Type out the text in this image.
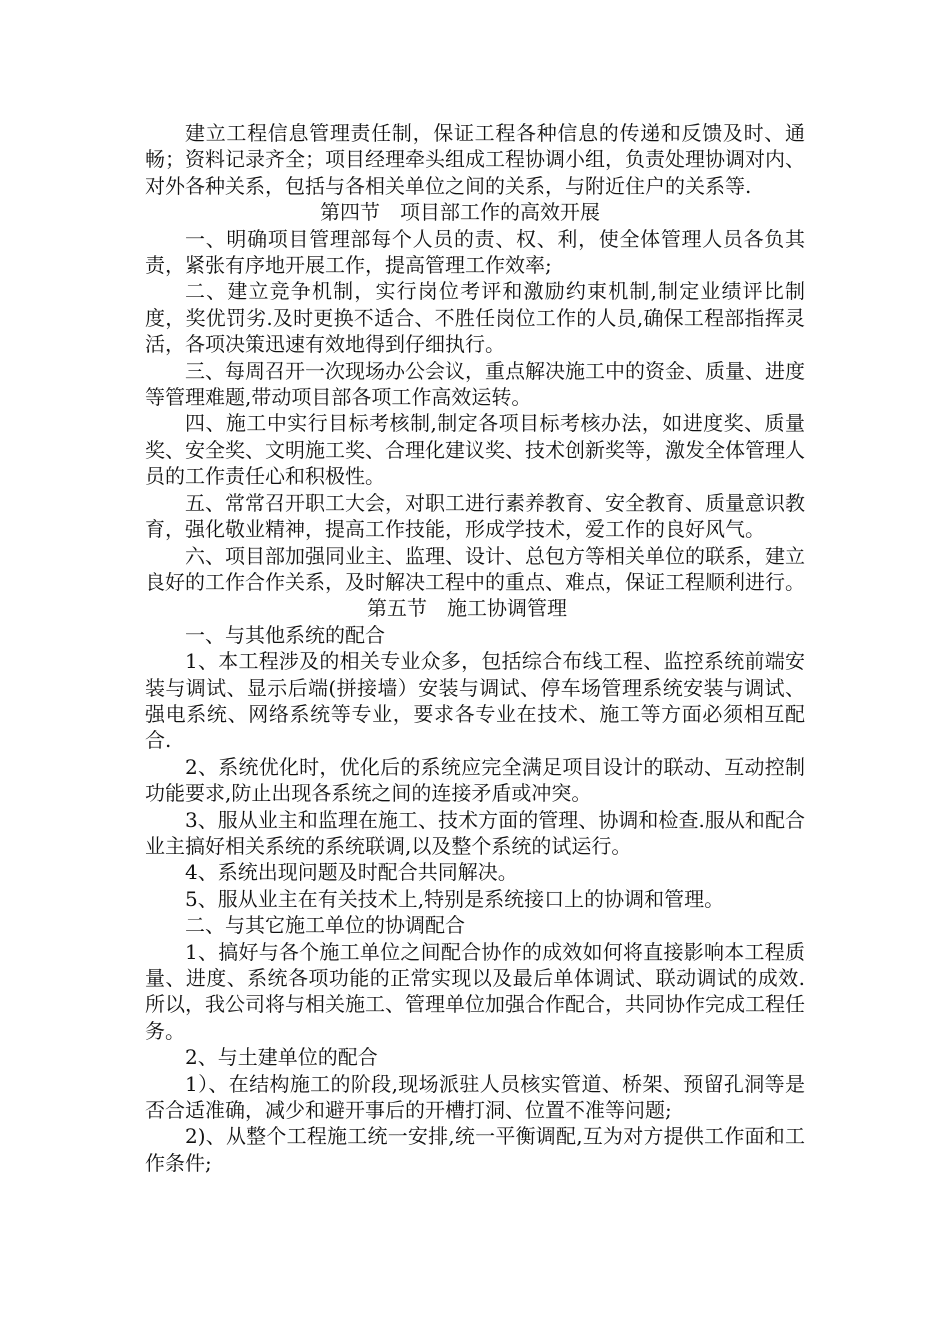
建立工程信息管理责任制，保证工程各种信息的传递和反馈及时、通畅；资料记录齐全；项目经理牵头组成工程协调小组，负责处理协调对内、对外各种关系，包括与各相关单位之间的关系，与附近住户的关系等.

第四节　项目部工作的高效开展

一、明确项目管理部每个人员的责、权、利，使全体管理人员各负其责，紧张有序地开展工作，提高管理工作效率;

二、建立竞争机制，实行岗位考评和激励约束机制,制定业绩评比制度，奖优罚劣.及时更换不适合、不胜任岗位工作的人员,确保工程部指挥灵活，各项决策迅速有效地得到仔细执行。

三、每周召开一次现场办公会议，重点解决施工中的资金、质量、进度等管理难题,带动项目部各项工作高效运转。

四、施工中实行目标考核制,制定各项目标考核办法，如进度奖、质量奖、安全奖、文明施工奖、合理化建议奖、技术创新奖等，激发全体管理人员的工作责任心和积极性。

五、常常召开职工大会，对职工进行素养教育、安全教育、质量意识教育，强化敬业精神，提高工作技能，形成学技术，爱工作的良好风气。

六、项目部加强同业主、监理、设计、总包方等相关单位的联系，建立良好的工作合作关系，及时解决工程中的重点、难点，保证工程顺利进行。

第五节　施工协调管理

一、与其他系统的配合

1、本工程涉及的相关专业众多，包括综合布线工程、监控系统前端安装与调试、显示后端(拼接墙）安装与调试、停车场管理系统安装与调试、强电系统、网络系统等专业，要求各专业在技术、施工等方面必须相互配合.

2、系统优化时，优化后的系统应完全满足项目设计的联动、互动控制功能要求,防止出现各系统之间的连接矛盾或冲突。

3、服从业主和监理在施工、技术方面的管理、协调和检查.服从和配合业主搞好相关系统的系统联调,以及整个系统的试运行。

4、系统出现问题及时配合共同解决。

5、服从业主在有关技术上,特别是系统接口上的协调和管理。

二、与其它施工单位的协调配合

1、搞好与各个施工单位之间配合协作的成效如何将直接影响本工程质量、进度、系统各项功能的正常实现以及最后单体调试、联动调试的成效.所以，我公司将与相关施工、管理单位加强合作配合，共同协作完成工程任务。

2、与土建单位的配合

1）、在结构施工的阶段,现场派驻人员核实管道、桥架、预留孔洞等是否合适准确，减少和避开事后的开槽打洞、位置不准等问题;

2)、从整个工程施工统一安排,统一平衡调配,互为对方提供工作面和工作条件;
